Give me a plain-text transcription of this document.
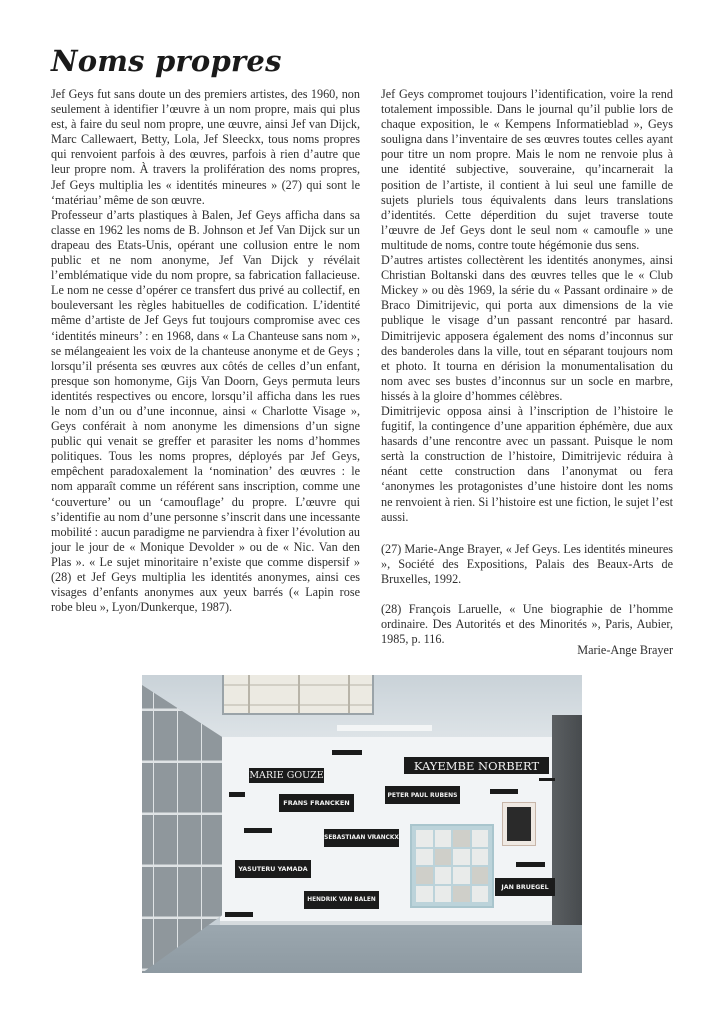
Noms propres

Jef Geys fut sans doute un des premiers artistes, des 1960, non seulement à identifier l’œuvre à un nom propre, mais qui plus est, à faire du seul nom propre, une œuvre, ainsi Jef van Dijck, Marc Callewaert, Betty, Lola, Jef Sleeckx, tous noms propres qui renvoient parfois à des œuvres, parfois à rien d’autre que leur propre nom. À travers la prolifération des noms propres, Jef Geys multiplia les « identités mineures » (27) qui sont le ‘matériau’ même de son œuvre.

Professeur d’arts plastiques à Balen, Jef Geys afficha dans sa classe en 1962 les noms de B. Johnson et Jef Van Dijck sur un drapeau des Etats-Unis, opérant une collusion entre le nom public et ne nom anonyme, Jef Van Dijck y révélait l’emblématique vide du nom propre, sa fabrication fallacieuse. Le nom ne cesse d’opérer ce transfert dus privé au collectif, en bouleversant les règles habituelles de codification. L’identité même d’artiste de Jef Geys fut toujours compromise avec ces ‘identités mineurs’ : en 1968, dans « La Chanteuse sans nom », se mélangeaient les voix de la chanteuse anonyme et de Geys ; lorsqu’il présenta ses œuvres aux côtés de celles d’un enfant, presque son homonyme, Gijs Van Doorn, Geys permuta leurs identités respectives ou encore, lorsqu’il afficha dans les rues le nom d’un ou d’une inconnue, ainsi « Charlotte Visage », Geys conférait à nom anonyme les dimensions d’un signe public qui venait se greffer et parasiter les noms d’hommes politiques. Tous les noms propres, déployés par Jef Geys, empêchent paradoxalement la ‘nomination’ des œuvres : le nom apparaît comme un référent sans inscription, comme une ‘couverture’ ou un ‘camouflage’ du propre. L’œuvre qui s’identifie au nom d’une personne s’inscrit dans une incessante mobilité : aucun paradigme ne parviendra à fixer l’évolution au jour le jour de « Monique Devolder » ou de « Nic. Van den Plas ». « Le sujet minoritaire n’existe que comme dispersif » (28) et Jef Geys multiplia les identités anonymes, ainsi ces visages d’enfants anonymes aux yeux barrés (« Lapin rose robe bleu », Lyon/Dunkerque, 1987).

Jef Geys compromet toujours l’identification, voire la rend totalement impossible. Dans le journal qu’il publie lors de chaque exposition, le « Kempens Informatieblad », Geys souligna dans l’inventaire de ses œuvres toutes celles ayant pour titre un nom propre. Mais le nom ne renvoie plus à une identité subjective, souveraine, qu’incarnerait la position de l’artiste, il contient à lui seul une famille de sujets pluriels tous équivalents dans leurs translations d’identités. Cette déperdition du sujet traverse toute l’œuvre de Jef Geys dont le seul nom « camoufle » une multitude de noms, contre toute hégémonie dus sens.

D’autres artistes collectèrent les identités anonymes, ainsi Christian Boltanski dans des œuvres telles que le « Club Mickey » ou dès 1969, la série du « Passant ordinaire » de Braco Dimitrijevic, qui porta aux dimensions de la vie publique le visage d’un passant rencontré par hasard. Dimitrijevic apposera également des noms d’inconnus sur des banderoles dans la ville, tout en séparant toujours nom et photo. It tourna en dérision la monumentalisation du nom avec ses bustes d’inconnus sur un socle en marbre, hissés à la gloire d’hommes célèbres.

Dimitrijevic opposa ainsi à l’inscription de l’histoire le fugitif, la contingence d’une apparition éphémère, due aux hasards d’une rencontre avec un passant. Puisque le nom sertà la construction de l’histoire, Dimitrijevic réduira à néant cette construction dans l’anonymat ou fera ‘anonymes les protagonistes d’une histoire dont les noms ne renvoient à rien. Si l’histoire est une fiction, le sujet l’est aussi.

(27) Marie-Ange Brayer, « Jef Geys. Les identités mineures », Société des Expositions, Palais des Beaux-Arts de Bruxelles, 1992.

(28) François Laruelle, « Une biographie de l’homme ordinaire. Des Autorités et des Minorités », Paris, Aubier, 1985, p. 116.

Marie-Ange Brayer
MARIE GOUZE
KAYEMBE NORBERT
FRANS FRANCKEN
PETER PAUL RUBENS
SEBASTIAAN VRANCKX
YASUTERU YAMADA
HENDRIK VAN BALEN
JAN BRUEGEL
